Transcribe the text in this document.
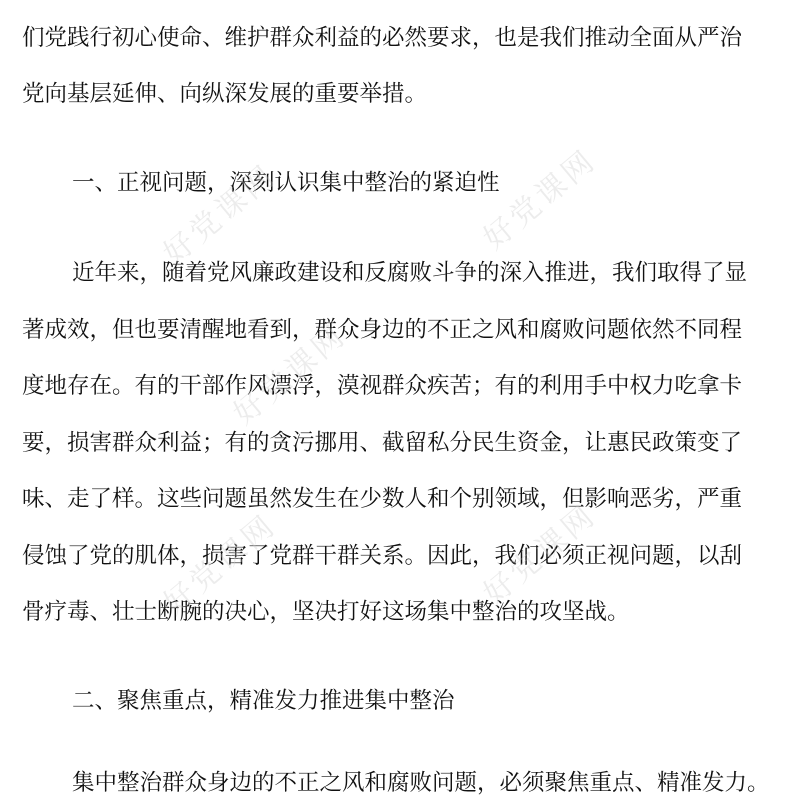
们党践行初心使命、维护群众利益的必然要求，也是我们推动全面从严治
党向基层延伸、向纵深发展的重要举措。
一、正视问题，深刻认识集中整治的紧迫性
近年来，随着党风廉政建设和反腐败斗争的深入推进，我们取得了显
著成效，但也要清醒地看到，群众身边的不正之风和腐败问题依然不同程
度地存在。有的干部作风漂浮，漠视群众疾苦；有的利用手中权力吃拿卡
要，损害群众利益；有的贪污挪用、截留私分民生资金，让惠民政策变了
味、走了样。这些问题虽然发生在少数人和个别领域，但影响恶劣，严重
侵蚀了党的肌体，损害了党群干群关系。因此，我们必须正视问题，以刮
骨疗毒、壮士断腕的决心，坚决打好这场集中整治的攻坚战。
二、聚焦重点，精准发力推进集中整治
集中整治群众身边的不正之风和腐败问题，必须聚焦重点、精准发力。
好党课网	好党课网
好党课网
好党课网	好党课网
